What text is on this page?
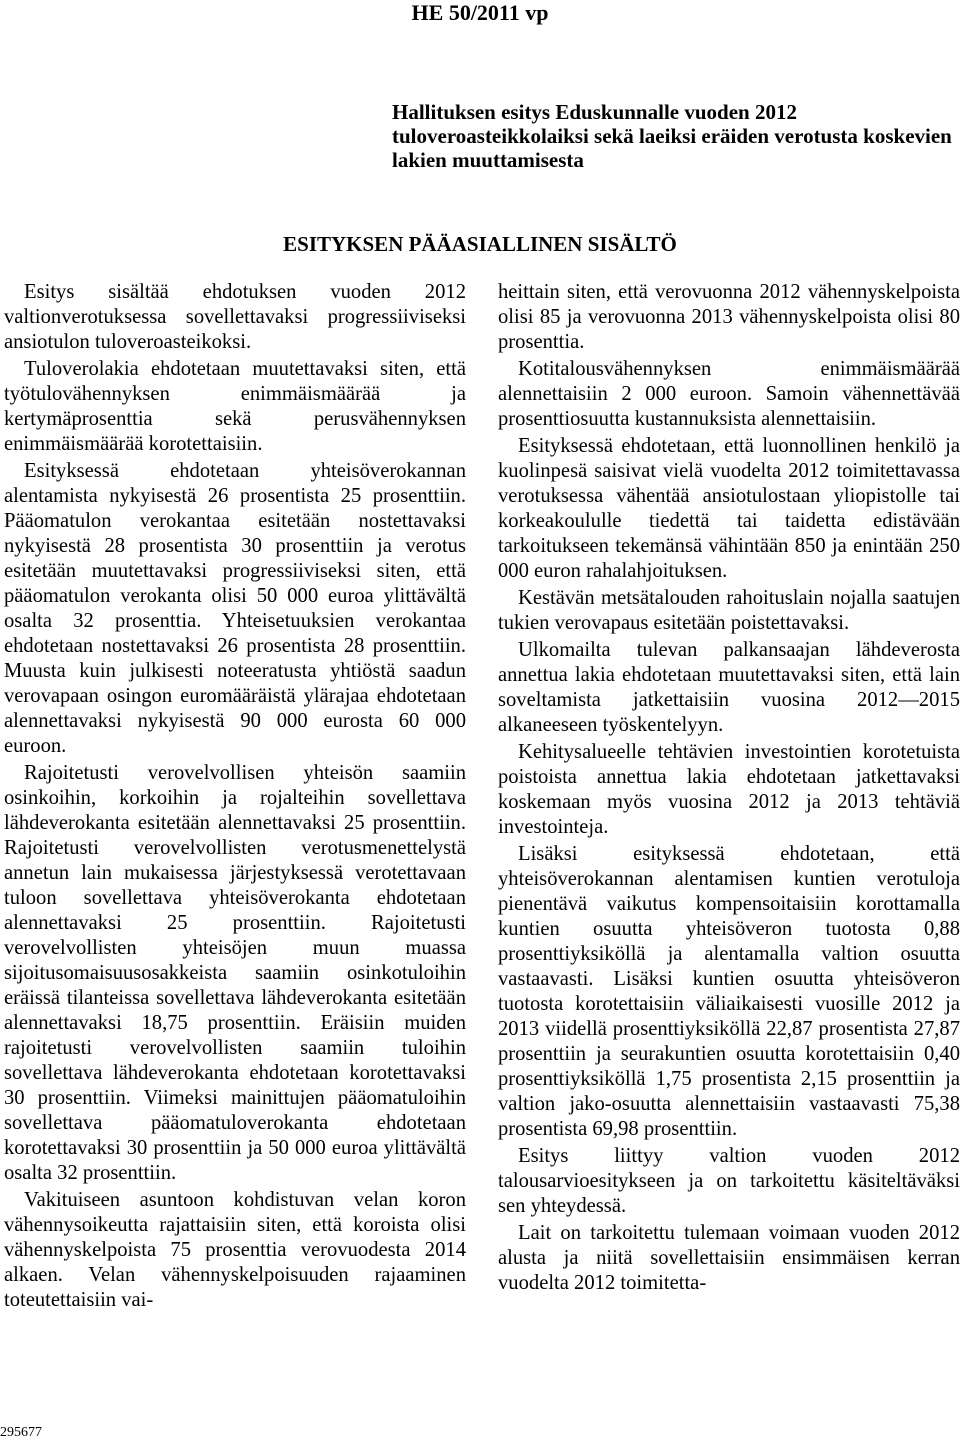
HE 50/2011 vp
Hallituksen esitys Eduskunnalle vuoden 2012 tuloveroasteikkolaiksi sekä laeiksi eräiden verotusta koskevien lakien muuttamisesta
ESITYKSEN PÄÄASIALLINEN SISÄLTÖ

Esitys sisältää ehdotuksen vuoden 2012 valtionverotuksessa sovellettavaksi progressiiviseksi ansiotulon tuloveroasteikoksi.

Tuloverolakia ehdotetaan muutettavaksi siten, että työtulovähennyksen enimmäismäärää ja kertymäprosenttia sekä perusvähennyksen enimmäismäärää korotettaisiin.

Esityksessä ehdotetaan yhteisöverokannan alentamista nykyisestä 26 prosentista 25 prosenttiin. Pääomatulon verokantaa esitetään nostettavaksi nykyisestä 28 prosentista 30 prosenttiin ja verotus esitetään muutettavaksi progressiiviseksi siten, että pääomatulon verokanta olisi 50 000 euroa ylittävältä osalta 32 prosenttia. Yhteisetuuksien verokantaa ehdotetaan nostettavaksi 26 prosentista 28 prosenttiin. Muusta kuin julkisesti noteeratusta yhtiöstä saadun verovapaan osingon euromääräistä ylärajaa ehdotetaan alennettavaksi nykyisestä 90 000 eurosta 60 000 euroon.

Rajoitetusti verovelvollisen yhteisön saamiin osinkoihin, korkoihin ja rojalteihin sovellettava lähdeverokanta esitetään alennettavaksi 25 prosenttiin. Rajoitetusti verovelvollisten verotusmenettelystä annetun lain mukaisessa järjestyksessä verotettavaan tuloon sovellettava yhteisöverokanta ehdotetaan alennettavaksi 25 prosenttiin. Rajoitetusti verovelvollisten yhteisöjen muun muassa sijoitusomaisuusosakkeista saamiin osinkotuloihin eräissä tilanteissa sovellettava lähdeverokanta esitetään alennettavaksi 18,75 prosenttiin. Eräisiin muiden rajoitetusti verovelvollisten saamiin tuloihin sovellettava lähdeverokanta ehdotetaan korotettavaksi 30 prosenttiin. Viimeksi mainittujen pääomatuloihin sovellettava pääomatuloverokanta ehdotetaan korotettavaksi 30 prosenttiin ja 50 000 euroa ylittävältä osalta 32 prosenttiin.

Vakituiseen asuntoon kohdistuvan velan koron vähennysoikeutta rajattaisiin siten, että koroista olisi vähennyskelpoista 75 prosenttia verovuodesta 2014 alkaen. Velan vähennyskelpoisuuden rajaaminen toteutettaisiin vai-

heittain siten, että verovuonna 2012 vähennyskelpoista olisi 85 ja verovuonna 2013 vähennyskelpoista olisi 80 prosenttia.

Kotitalousvähennyksen enimmäismäärää alennettaisiin 2 000 euroon. Samoin vähennettävää prosenttiosuutta kustannuksista alennettaisiin.

Esityksessä ehdotetaan, että luonnollinen henkilö ja kuolinpesä saisivat vielä vuodelta 2012 toimitettavassa verotuksessa vähentää ansiotulostaan yliopistolle tai korkeakoululle tiedettä tai taidetta edistävään tarkoitukseen tekemänsä vähintään 850 ja enintään 250 000 euron rahalahjoituksen.

Kestävän metsätalouden rahoituslain nojalla saatujen tukien verovapaus esitetään poistettavaksi.

Ulkomailta tulevan palkansaajan lähdeverosta annettua lakia ehdotetaan muutettavaksi siten, että lain soveltamista jatkettaisiin vuosina 2012—2015 alkaneeseen työskentelyyn.

Kehitysalueelle tehtävien investointien korotetuista poistoista annettua lakia ehdotetaan jatkettavaksi koskemaan myös vuosina 2012 ja 2013 tehtäviä investointeja.

Lisäksi esityksessä ehdotetaan, että yhteisöverokannan alentamisen kuntien verotuloja pienentävä vaikutus kompensoitaisiin korottamalla kuntien osuutta yhteisöveron tuotosta 0,88 prosenttiyksiköllä ja alentamalla valtion osuutta vastaavasti. Lisäksi kuntien osuutta yhteisöveron tuotosta korotettaisiin väliaikaisesti vuosille 2012 ja 2013 viidellä prosenttiyksiköllä 22,87 prosentista 27,87 prosenttiin ja seurakuntien osuutta korotettaisiin 0,40 prosenttiyksiköllä 1,75 prosentista 2,15 prosenttiin ja valtion jako-osuutta alennettaisiin vastaavasti 75,38 prosentista 69,98 prosenttiin.

Esitys liittyy valtion vuoden 2012 talousarvioesitykseen ja on tarkoitettu käsiteltäväksi sen yhteydessä.

Lait on tarkoitettu tulemaan voimaan vuoden 2012 alusta ja niitä sovellettaisiin ensimmäisen kerran vuodelta 2012 toimitetta-

295677
